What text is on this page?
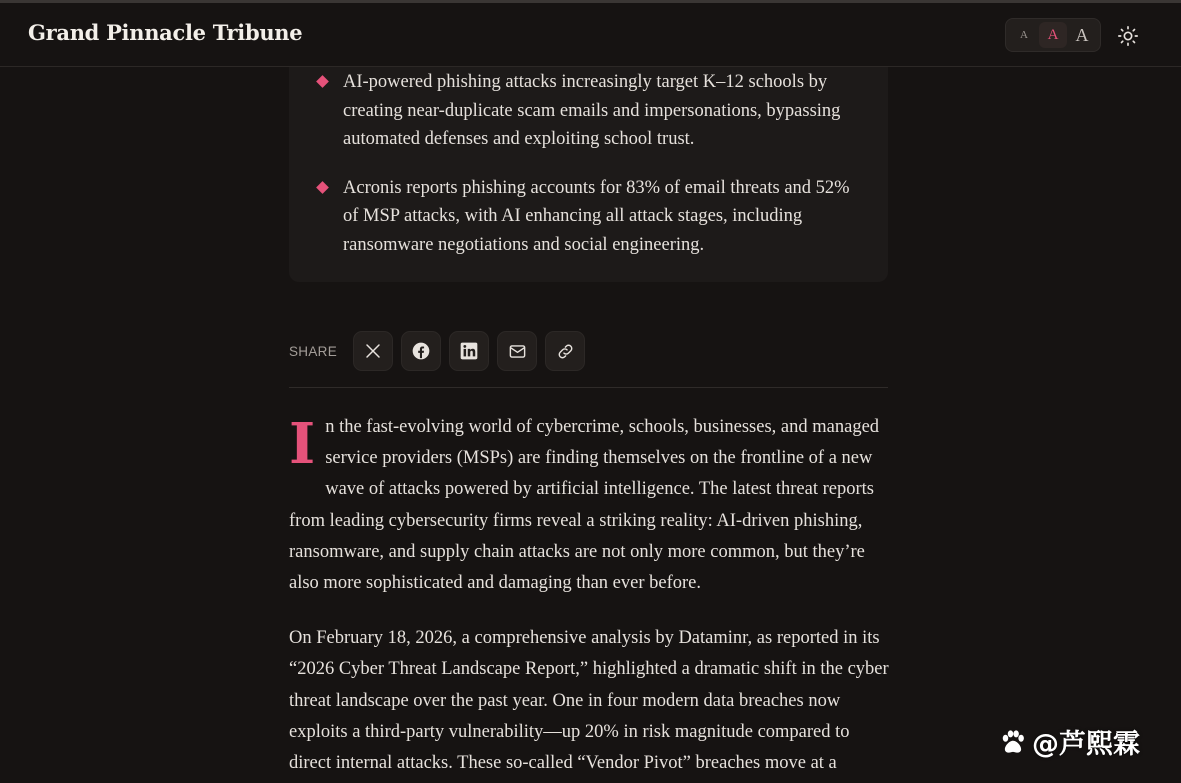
Grand Pinnacle Tribune	A	A A
AI-powered phishing attacks increasingly target K–12 schools by creating near-duplicate scam emails and impersonations, bypassing automated defenses and exploiting school trust.
Acronis reports phishing accounts for 83% of email threats and 52% of MSP attacks, with AI enhancing all attack stages, including ransomware negotiations and social engineering.
SHARE

In the fast-evolving world of cybercrime, schools, businesses, and managed service providers (MSPs) are finding themselves on the frontline of a new wave of attacks powered by artificial intelligence. The latest threat reports from leading cybersecurity firms reveal a striking reality: AI-driven phishing, ransomware, and supply chain attacks are not only more common, but they’re also more sophisticated and damaging than ever before.

On February 18, 2026, a comprehensive analysis by Dataminr, as reported in its “2026 Cyber Threat Landscape Report,” highlighted a dramatic shift in the cyber threat landscape over the past year. One in four modern data breaches now exploits a third-party vulnerability—up 20% in risk magnitude compared to direct internal attacks. These so-called “Vendor Pivot” breaches move at a

@芦熙霖
